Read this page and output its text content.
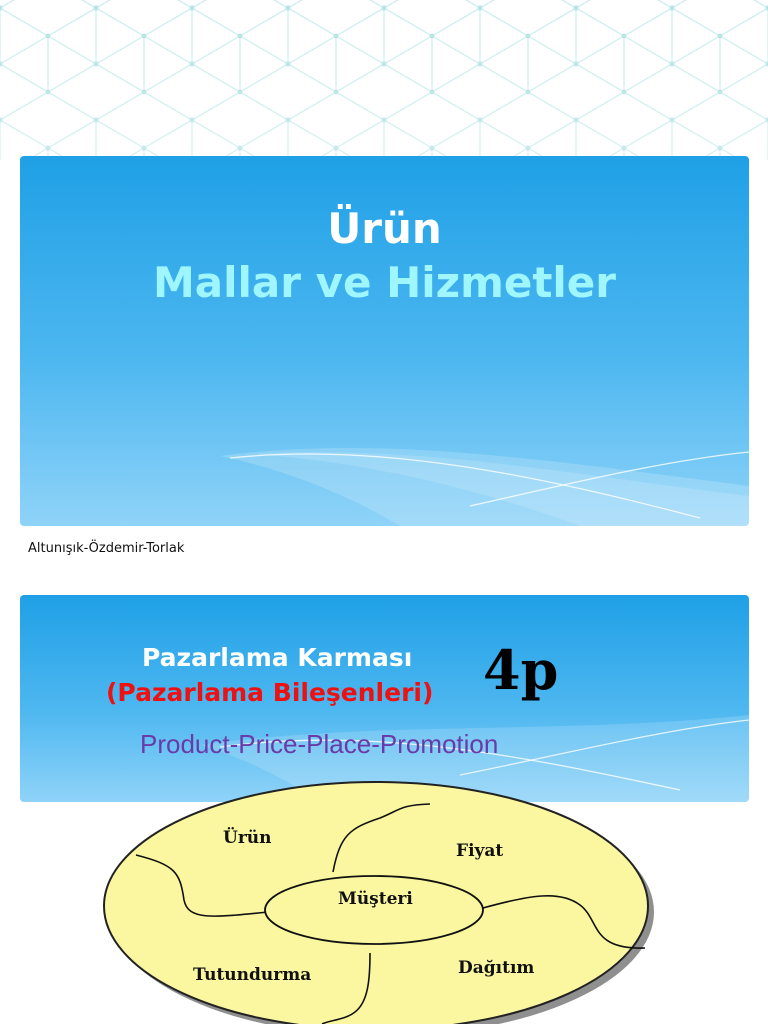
Ürün
Mallar ve Hizmetler
Altunışık-Özdemir-Torlak
Pazarlama Karması
(Pazarlama Bileşenleri) 4p
Product-Price-Place-Promotion
Ürün
Fiyat
Müşteri
Tutundurma	Dağıtım
